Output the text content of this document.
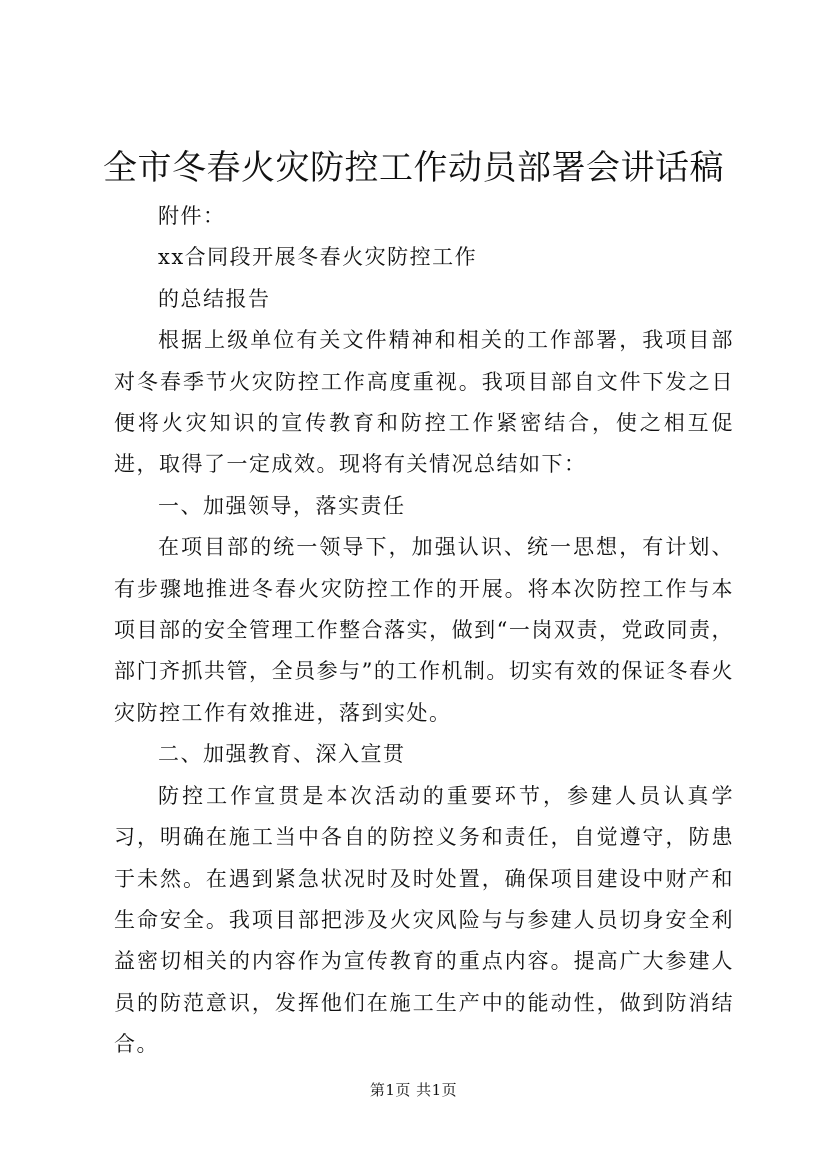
全市冬春火灾防控工作动员部署会讲话稿

附件：

xx合同段开展冬春火灾防控工作

的总结报告

根据上级单位有关文件精神和相关的工作部署，我项目部对冬春季节火灾防控工作高度重视。我项目部自文件下发之日便将火灾知识的宣传教育和防控工作紧密结合，使之相互促进，取得了一定成效。现将有关情况总结如下：

一、加强领导，落实责任

在项目部的统一领导下，加强认识、统一思想，有计划、有步骤地推进冬春火灾防控工作的开展。将本次防控工作与本项目部的安全管理工作整合落实，做到“一岗双责，党政同责，部门齐抓共管，全员参与”的工作机制。切实有效的保证冬春火灾防控工作有效推进，落到实处。

二、加强教育、深入宣贯

防控工作宣贯是本次活动的重要环节，参建人员认真学习，明确在施工当中各自的防控义务和责任，自觉遵守，防患于未然。在遇到紧急状况时及时处置，确保项目建设中财产和生命安全。我项目部把涉及火灾风险与与参建人员切身安全利益密切相关的内容作为宣传教育的重点内容。提高广大参建人员的防范意识，发挥他们在施工生产中的能动性，做到防消结合。

第1页 共1页
